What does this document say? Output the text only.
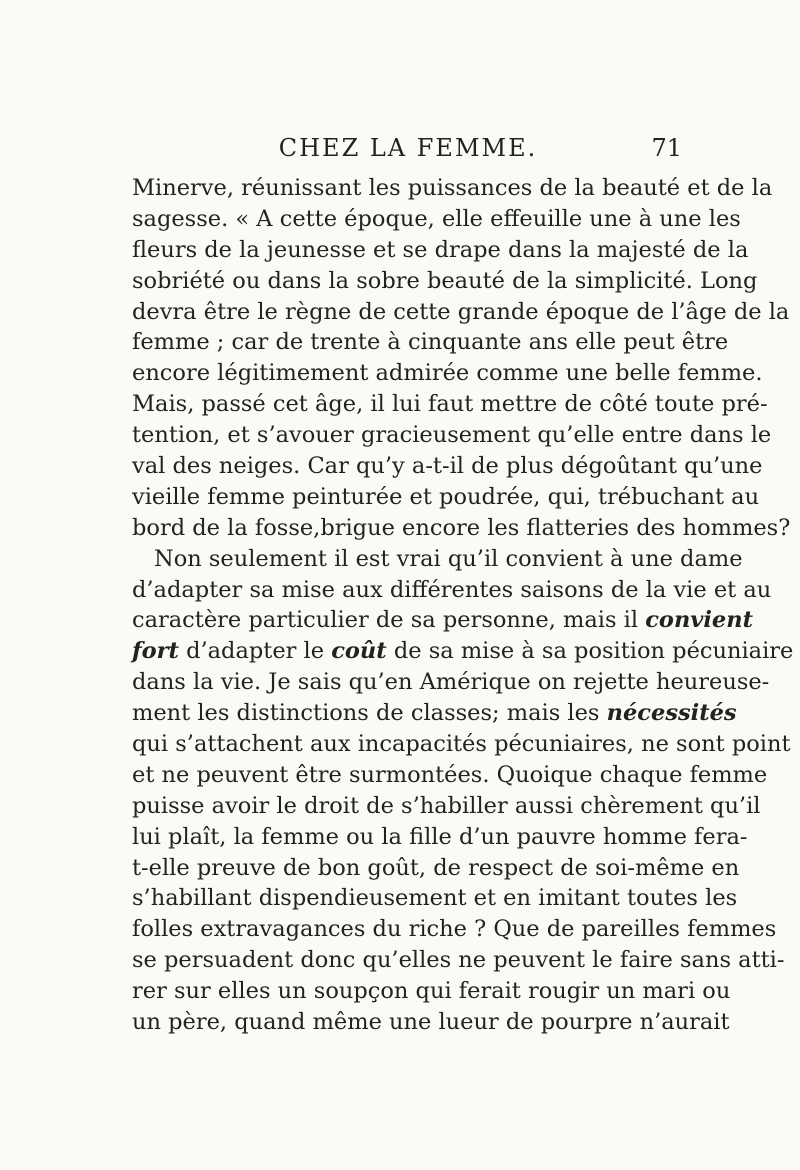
CHEZ LA FEMME.	71
Minerve, réunissant les puissances de la beauté et de la
sagesse. « A cette époque, elle effeuille une à une les
fleurs de la jeunesse et se drape dans la majesté de la
sobriété ou dans la sobre beauté de la simplicité. Long
devra être le règne de cette grande époque de l’âge de la
femme ; car de trente à cinquante ans elle peut être
encore légitimement admirée comme une belle femme.
Mais, passé cet âge, il lui faut mettre de côté toute pré-
tention, et s’avouer gracieusement qu’elle entre dans le
val des neiges. Car qu’y a-t-il de plus dégoûtant qu’une
vieille femme peinturée et poudrée, qui, trébuchant au
bord de la fosse,brigue encore les flatteries des hommes?
Non seulement il est vrai qu’il convient à une dame
d’adapter sa mise aux différentes saisons de la vie et au
caractère particulier de sa personne, mais il convient
fort d’adapter le coût de sa mise à sa position pécuniaire
dans la vie. Je sais qu’en Amérique on rejette heureuse-
ment les distinctions de classes; mais les nécessités
qui s’attachent aux incapacités pécuniaires, ne sont point
et ne peuvent être surmontées. Quoique chaque femme
puisse avoir le droit de s’habiller aussi chèrement qu’il
lui plaît, la femme ou la fille d’un pauvre homme fera-
t-elle preuve de bon goût, de respect de soi-même en
s’habillant dispendieusement et en imitant toutes les
folles extravagances du riche ? Que de pareilles femmes
se persuadent donc qu’elles ne peuvent le faire sans atti-
rer sur elles un soupçon qui ferait rougir un mari ou
un père, quand même une lueur de pourpre n’aurait
